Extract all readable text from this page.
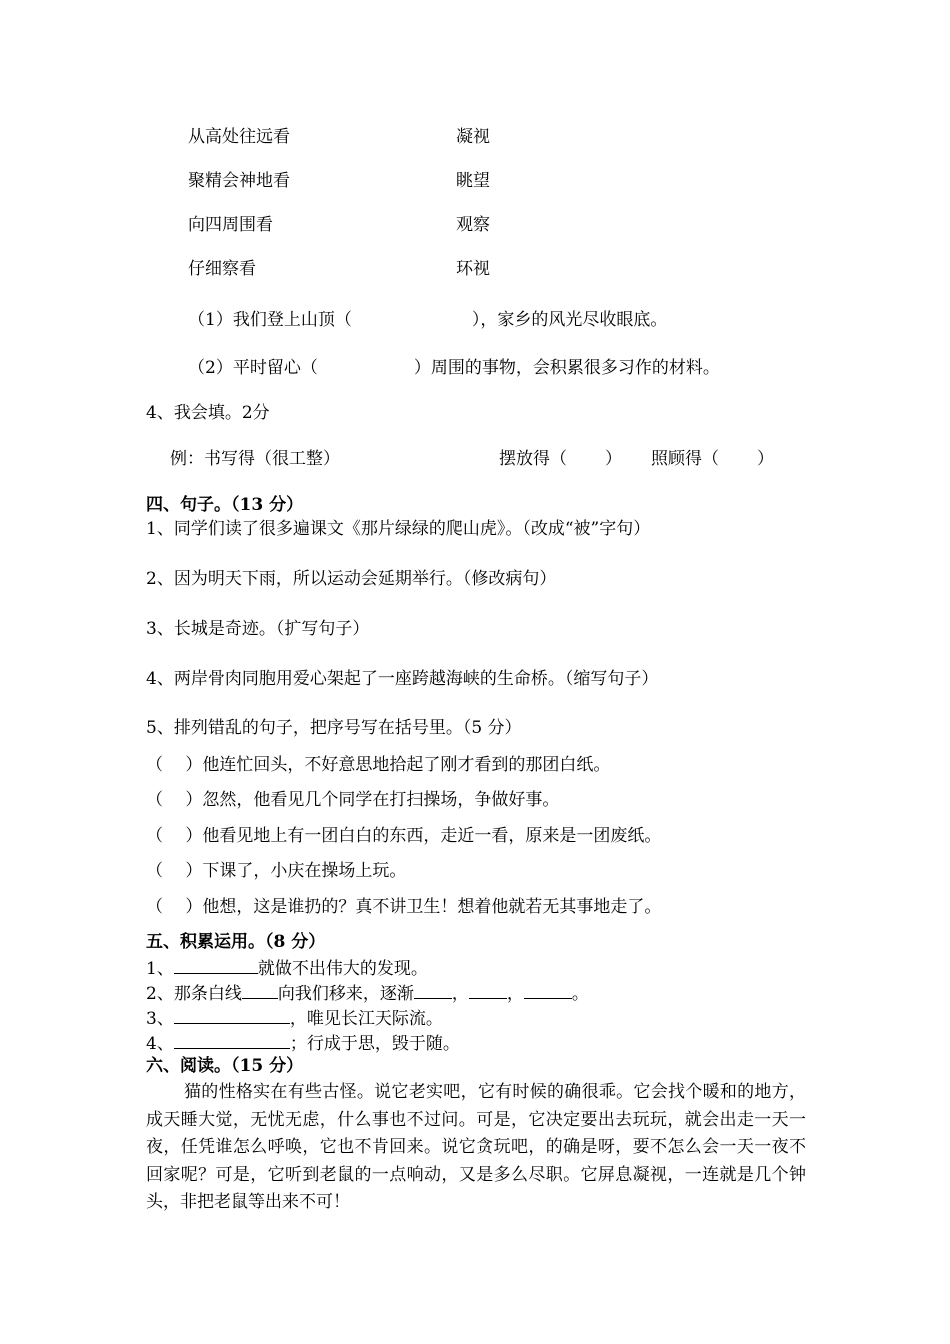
从高处往远看	凝视
聚精会神地看	眺望
向四周围看	观察
仔细察看	环视
（1）我们登上山顶（	），家乡的风光尽收眼底。
（2）平时留心（	）周围的事物，会积累很多习作的材料。
4、我会填。2分
例：书写得（很工整）	摆放得（ ） 照顾得（ ）
四、句子。（13 分）
1、同学们读了很多遍课文《那片绿绿的爬山虎》。（改成“被”字句）
2、因为明天下雨，所以运动会延期举行。（修改病句）
3、长城是奇迹。（扩写句子）
4、两岸骨肉同胞用爱心架起了一座跨越海峡的生命桥。（缩写句子）
5、排列错乱的句子，把序号写在括号里。（5 分）
（　 ）他连忙回头，不好意思地拾起了刚才看到的那团白纸。
（　 ）忽然，他看见几个同学在打扫操场，争做好事。
（　 ）他看见地上有一团白白的东西，走近一看，原来是一团废纸。
（　 ）下课了，小庆在操场上玩。
（　 ）他想，这是谁扔的？真不讲卫生！想着他就若无其事地走了。
五、积累运用。（8 分）
1、	就做不出伟大的发现。
2、那条白线 向我们移来，逐渐 ， ，	。
3、	，唯见长江天际流。
4、	；行成于思，毁于随。
六、阅读。（15 分）
猫的性格实在有些古怪。说它老实吧，它有时候的确很乖。它会找个暖和的地方，成天睡大觉，无忧无虑，什么事也不过问。可是，它决定要出去玩玩，就会出走一天一夜，任凭谁怎么呼唤，它也不肯回来。说它贪玩吧，的确是呀，要不怎么会一天一夜不回家呢？可是，它听到老鼠的一点响动，又是多么尽职。它屏息凝视，一连就是几个钟头，非把老鼠等出来不可！
